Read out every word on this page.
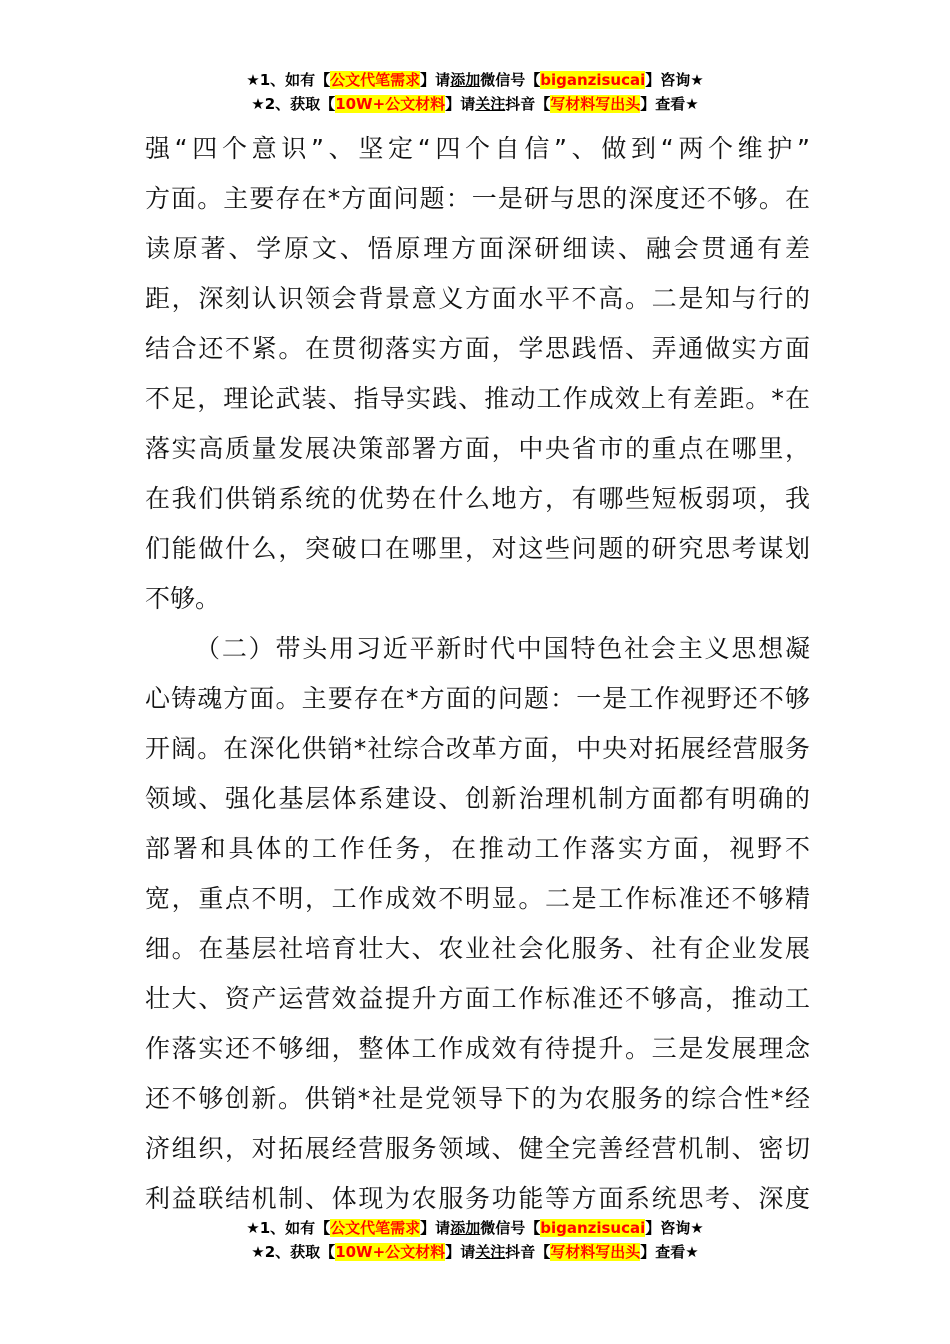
★1、如有【公文代笔需求】请添加微信号【biganzisucai】咨询★
★2、获取【10W+公文材料】请关注抖音【写材料写出头】查看★
强“四个意识”、坚定“四个自信”、做到“两个维护”
方面。主要存在*方面问题：一是研与思的深度还不够。在
读原著、学原文、悟原理方面深研细读、融会贯通有差
距，深刻认识领会背景意义方面水平不高。二是知与行的
结合还不紧。在贯彻落实方面，学思践悟、弄通做实方面
不足，理论武装、指导实践、推动工作成效上有差距。*在
落实高质量发展决策部署方面，中央省市的重点在哪里，
在我们供销系统的优势在什么地方，有哪些短板弱项，我
们能做什么，突破口在哪里，对这些问题的研究思考谋划
不够。
（二）带头用习近平新时代中国特色社会主义思想凝
心铸魂方面。主要存在*方面的问题：一是工作视野还不够
开阔。在深化供销*社综合改革方面，中央对拓展经营服务
领域、强化基层体系建设、创新治理机制方面都有明确的
部署和具体的工作任务，在推动工作落实方面，视野不
宽，重点不明，工作成效不明显。二是工作标准还不够精
细。在基层社培育壮大、农业社会化服务、社有企业发展
壮大、资产运营效益提升方面工作标准还不够高，推动工
作落实还不够细，整体工作成效有待提升。三是发展理念
还不够创新。供销*社是党领导下的为农服务的综合性*经
济组织，对拓展经营服务领域、健全完善经营机制、密切
利益联结机制、体现为农服务功能等方面系统思考、深度
★1、如有【公文代笔需求】请添加微信号【biganzisucai】咨询★
★2、获取【10W+公文材料】请关注抖音【写材料写出头】查看★
